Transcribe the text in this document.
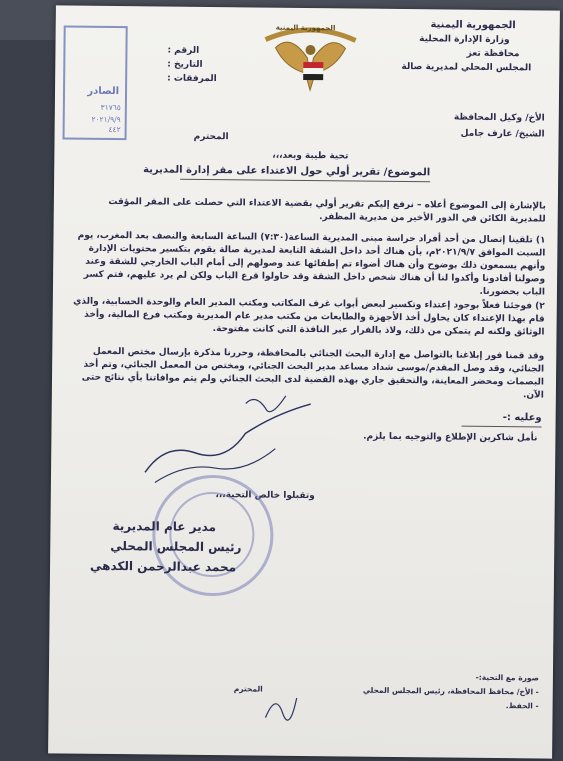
الجمهورية اليمنية
وزارة الإدارة المحلية
محافظة تعز
المجلس المحلي لمديرية صالة
الجمهورية اليمنية
الرقم :
التاريخ :
المرفقات :
الصادر
٣١٧٦٥
٢٠٢١/٩/٩
٤٤٢
الأخ/ وكيل المحافظة
الشيخ/ عارف جامل
المحترم
تحية طيبة وبعد،،،
الموضوع/ تقرير أولي حول الاعتداء على مقر إدارة المديرية
بالإشارة إلى الموضوع أعلاه – نرفع إليكم تقرير أولي بقضية الاعتداء التي حصلت على المقر المؤقت للمديرية الكائن في الدور الأخير من مديرية المظفر.
١) تلقينا إتصال من أحد أفراد حراسة مبنى المديرية الساعة(٧:٣٠) الساعة السابعة والنصف بعد المغرب، يوم السبت الموافق ٢٠٢١/٩/٧م، بأن هناك أحد داخل الشقة التابعة لمديرية صالة يقوم بتكسير محتويات الإدارة وأنهم يسمعون ذلك بوضوح وأن هناك أضواء تم إطفائها عند وصولهم إلى أمام الباب الخارجي للشقة وعند وصولنا أفادونا وأكدوا لنا أن هناك شخص داخل الشقة وقد حاولوا قرع الباب ولكن لم يرد عليهم، فتم كسر الباب بحضورنا.
٢) فوجئنا فعلاً بوجود إعتداء وتكسير لبعض أبواب غرف المكاتب ومكتب المدير العام والوحدة الحسابية، والذي قام بهذا الإعتداء كان يحاول أخذ الأجهزة والطابعات من مكتب مدير عام المديرية ومكتب فرع المالية، وأخذ الوثائق ولكنه لم يتمكن من ذلك، ولاذ بالفرار عبر النافذة التي كانت مفتوحة.
وقد قمنا فور إبلاغنا بالتواصل مع إدارة البحث الجنائي بالمحافظة، وحررنا مذكرة بإرسال مختص المعمل الجنائي، وقد وصل المقدم/موسى شداد مساعد مدير البحث الجنائي، ومختص من المعمل الجنائي، وتم أخذ البصمات ومحضر المعاينة، والتحقيق جاري بهذه القضية لدى البحث الجنائي ولم يتم موافاتنا بأي نتائج حتى الآن.
وعليه :-
نأمل شاكرين الإطلاع والتوجيه بما يلزم.
وتقبلوا خالص التحية،،،
مدير عام المديرية
رئيس المجلس المحلي
محمد عبدالرحمن الكدهي
صورة مع التحية:-
- الأخ/ محافظ المحافظة، رئيس المجلس المحلي
المحترم
- الحفظ.
